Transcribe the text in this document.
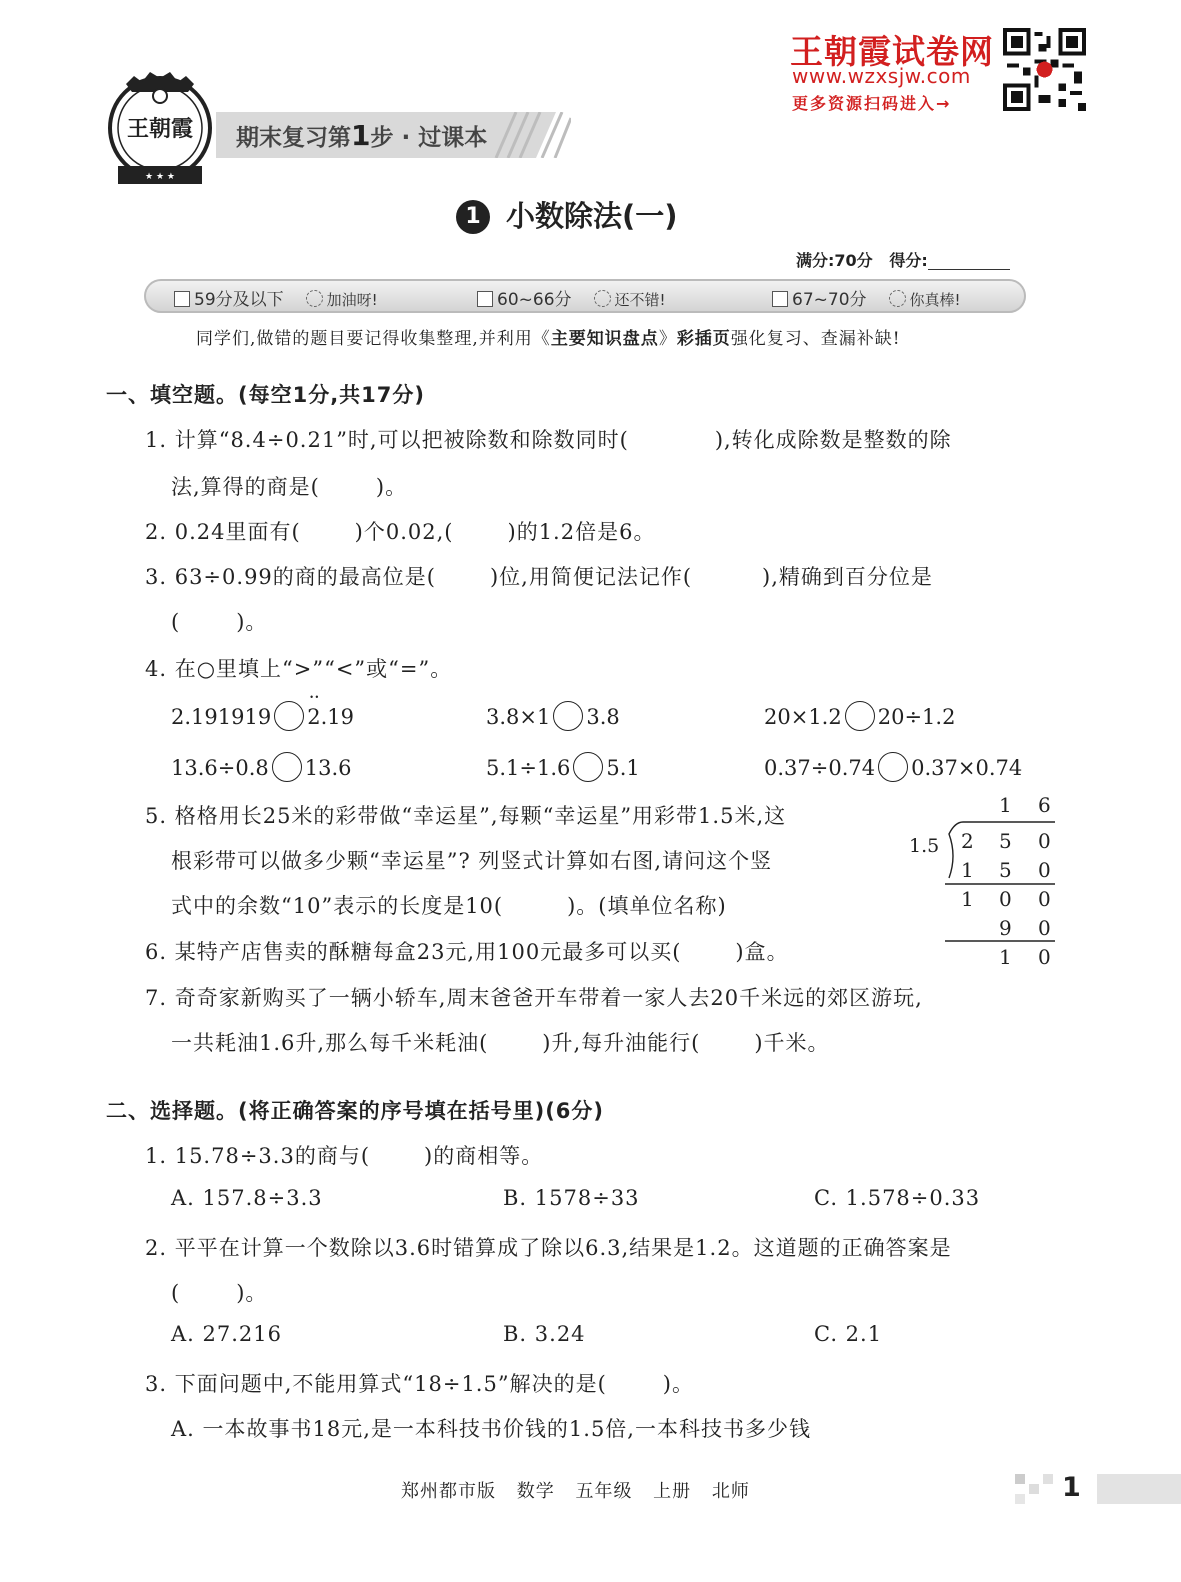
王朝霞
★ ★ ★
期末复习第1步 · 过课本
王朝霞试卷网
www.wzxsjw.com
更多资源扫码进入→
1 小数除法(一)
满分:70分 得分:
59分及以下	加油呀!	60~66分	还不错!	67~70分	你真棒!
同学们,做错的题目要记得收集整理,并利用《主要知识盘点》彩插页强化复习、查漏补缺!
一、填空题。(每空1分,共17分)
1. 计算“8.4÷0.21”时,可以把被除数和除数同时(	),转化成除数是整数的除
法,算得的商是(	)。
2. 0.24里面有(	)个0.02,(	)的1.2倍是6。
3. 63÷0.99的商的最高位是(	)位,用简便记法记作(	),精确到百分位是
(	)。
4. 在○里填上“>”“<”或“=”。
2.191919• • 2.19	3.8×1 3.8	20×1.2 20÷1.2
13.6÷0.8 13.6	5.1÷1.6 5.1	0.37÷0.74 0.37×0.74
5. 格格用长25米的彩带做“幸运星”,每颗“幸运星”用彩带1.5米,这
根彩带可以做多少颗“幸运星”? 列竖式计算如右图,请问这个竖
式中的余数“10”表示的长度是10(	)。(填单位名称)
1 6
1.5 2 5 0
1 5 0
1 0 0
9 0
1 0
6. 某特产店售卖的酥糖每盒23元,用100元最多可以买(	)盒。
7. 奇奇家新购买了一辆小轿车,周末爸爸开车带着一家人去20千米远的郊区游玩,
一共耗油1.6升,那么每千米耗油(	)升,每升油能行(	)千米。
二、选择题。(将正确答案的序号填在括号里)(6分)
1. 15.78÷3.3的商与(	)的商相等。
A. 157.8÷3.3	B. 1578÷33	C. 1.578÷0.33
2. 平平在计算一个数除以3.6时错算成了除以6.3,结果是1.2。这道题的正确答案是
(	)。
A. 27.216	B. 3.24	C. 2.1
3. 下面问题中,不能用算式“18÷1.5”解决的是(	)。
A. 一本故事书18元,是一本科技书价钱的1.5倍,一本科技书多少钱
郑州都市版 数学 五年级 上册 北师	1
